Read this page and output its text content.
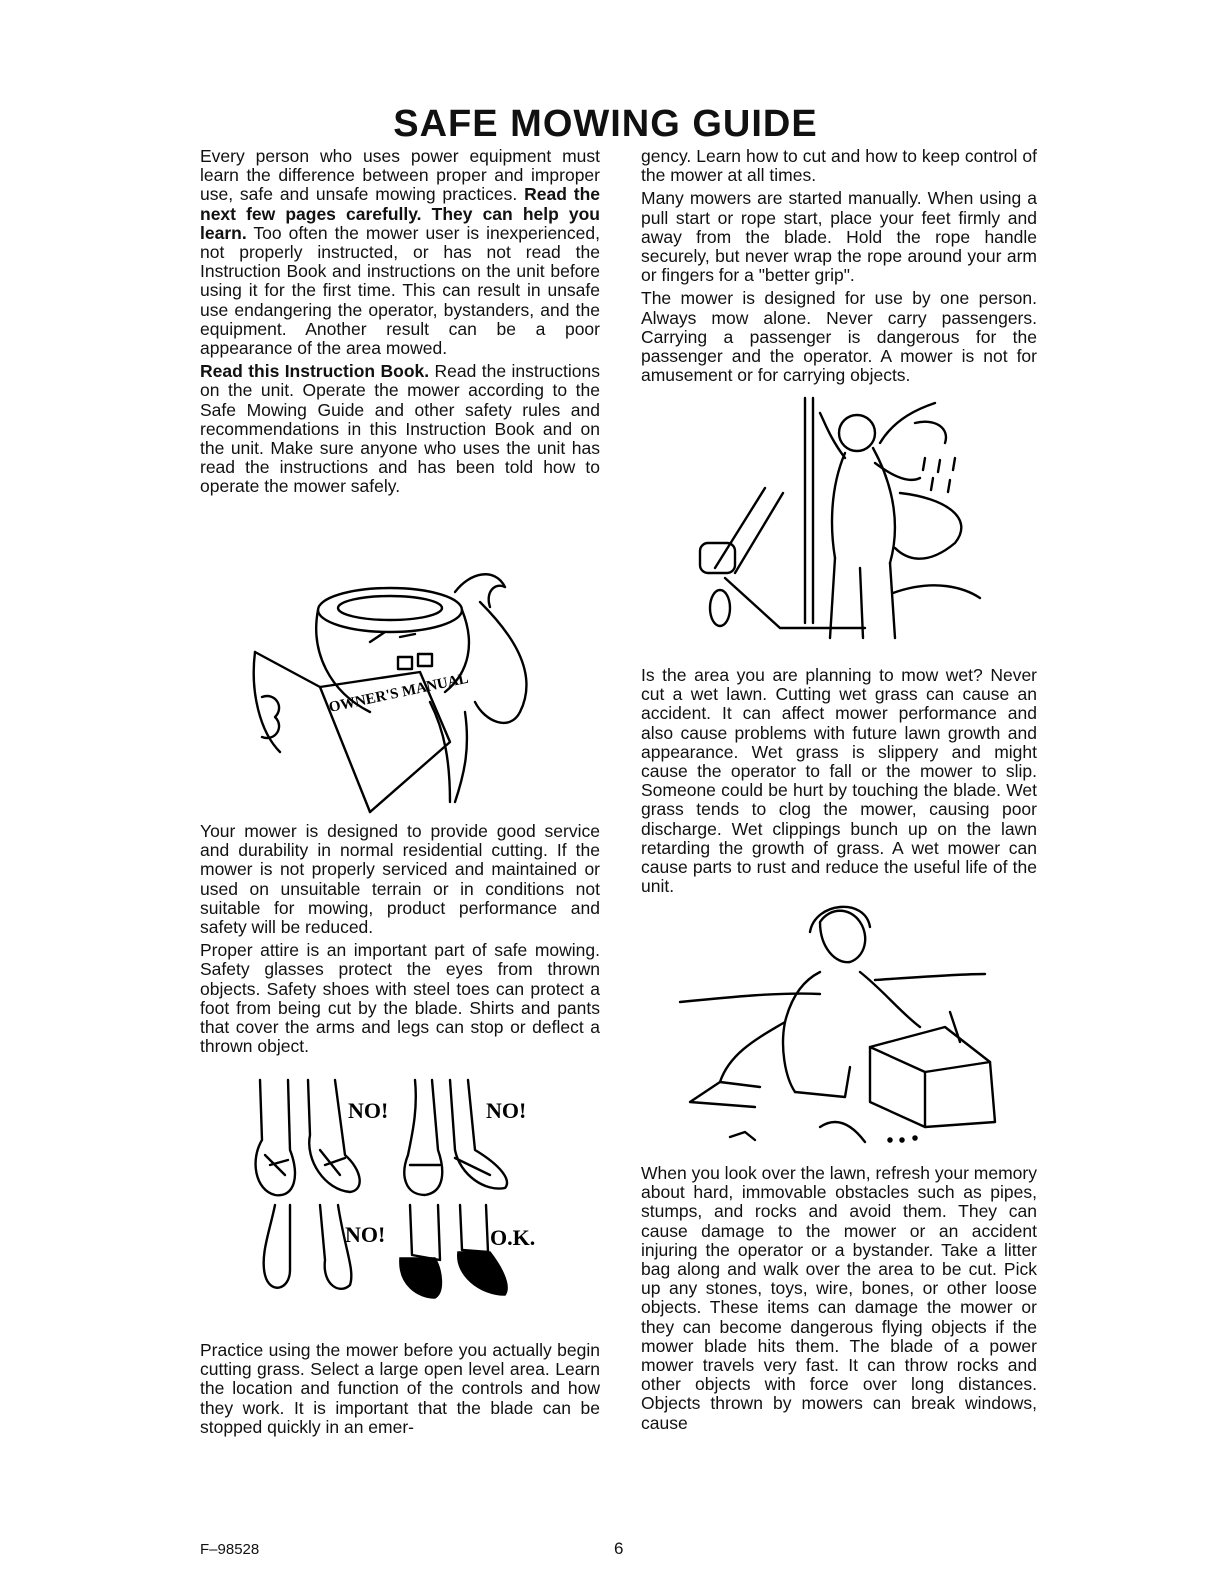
SAFE MOWING GUIDE

Every person who uses power equipment must learn the difference between proper and improper use, safe and unsafe mowing practices. Read the next few pages carefully. They can help you learn. Too often the mower user is inexperienced, not properly instructed, or has not read the Instruction Book and instructions on the unit before using it for the first time. This can result in unsafe use endangering the operator, bystanders, and the equipment. Another result can be a poor appearance of the area mowed.

Read this Instruction Book. Read the instructions on the unit. Operate the mower according to the Safe Mowing Guide and other safety rules and recommendations in this Instruction Book and on the unit. Make sure anyone who uses the unit has read the instructions and has been told how to operate the mower safely.

OWNER'S MANUAL

Your mower is designed to provide good service and durability in normal residential cutting. If the mower is not properly serviced and maintained or used on unsuitable terrain or in conditions not suitable for mowing, product performance and safety will be reduced.

Proper attire is an important part of safe mowing. Safety glasses protect the eyes from thrown objects. Safety shoes with steel toes can protect a foot from being cut by the blade. Shirts and pants that cover the arms and legs can stop or deflect a thrown object.

NO!	NO!
NO!	O.K.

Practice using the mower before you actually begin cutting grass. Select a large open level area. Learn the location and function of the controls and how they work. It is important that the blade can be stopped quickly in an emer-

gency. Learn how to cut and how to keep control of the mower at all times.

Many mowers are started manually. When using a pull start or rope start, place your feet firmly and away from the blade. Hold the rope handle securely, but never wrap the rope around your arm or fingers for a "better grip".

The mower is designed for use by one person. Always mow alone. Never carry passengers. Carrying a passenger is dangerous for the passenger and the operator. A mower is not for amusement or for carrying objects.

Is the area you are planning to mow wet? Never cut a wet lawn. Cutting wet grass can cause an accident. It can affect mower performance and also cause problems with future lawn growth and appearance. Wet grass is slippery and might cause the operator to fall or the mower to slip. Someone could be hurt by touching the blade. Wet grass tends to clog the mower, causing poor discharge. Wet clippings bunch up on the lawn retarding the growth of grass. A wet mower can cause parts to rust and reduce the useful life of the unit.

When you look over the lawn, refresh your memory about hard, immovable obstacles such as pipes, stumps, and rocks and avoid them. They can cause damage to the mower or an accident injuring the operator or a bystander. Take a litter bag along and walk over the area to be cut. Pick up any stones, toys, wire, bones, or other loose objects. These items can damage the mower or they can become dangerous flying objects if the mower blade hits them. The blade of a power mower travels very fast. It can throw rocks and other objects with force over long distances. Objects thrown by mowers can break windows, cause

F–98528	6
